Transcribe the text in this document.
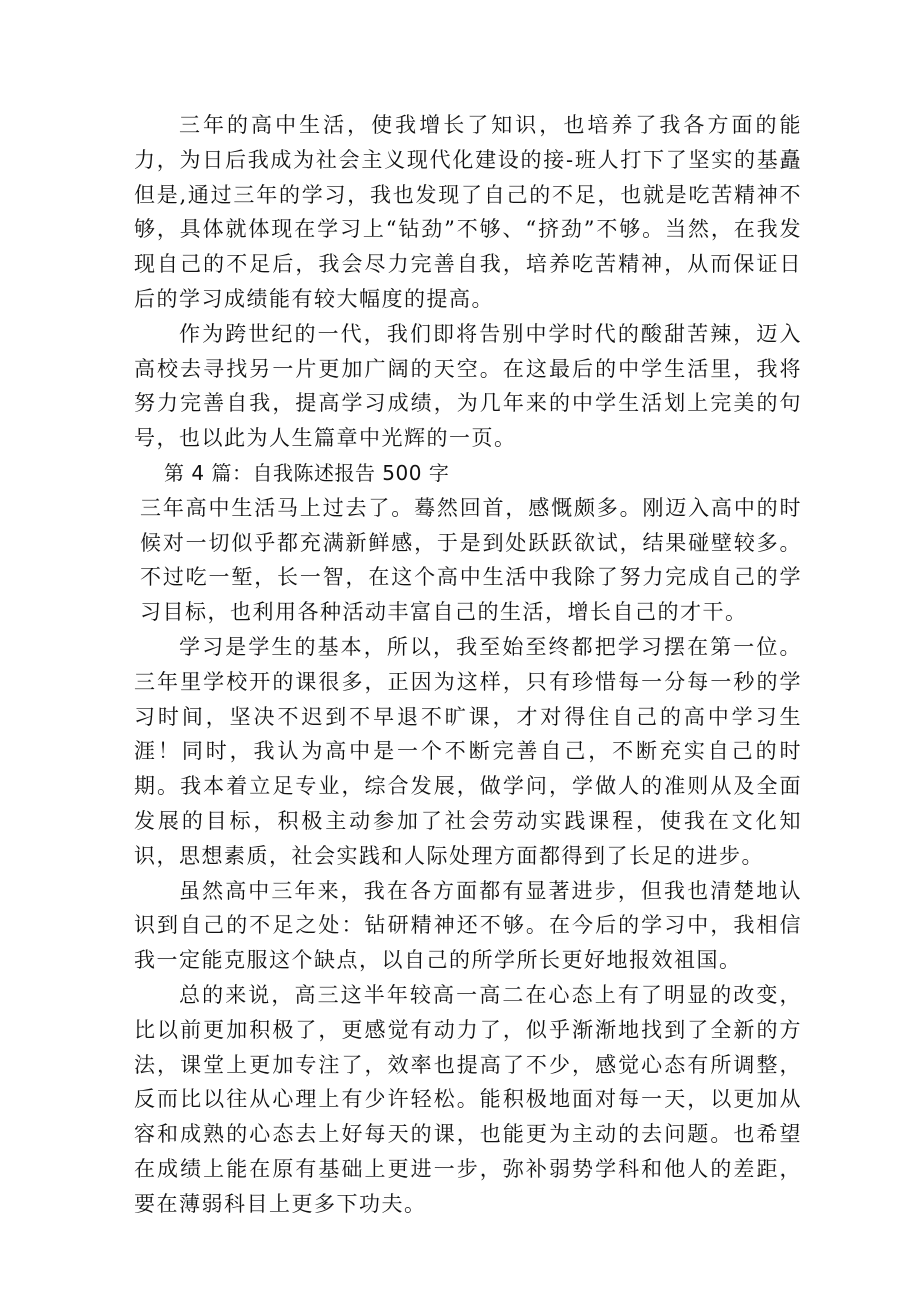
三年的高中生活，使我增长了知识，也培养了我各方面的能力，为日后我成为社会主义现代化建设的接-班人打下了坚实的基矗但是,通过三年的学习，我也发现了自己的不足，也就是吃苦精神不够，具体就体现在学习上“钻劲”不够、“挤劲”不够。当然，在我发现自己的不足后，我会尽力完善自我，培养吃苦精神，从而保证日后的学习成绩能有较大幅度的提高。

作为跨世纪的一代，我们即将告别中学时代的酸甜苦辣，迈入高校去寻找另一片更加广阔的天空。在这最后的中学生活里，我将努力完善自我，提高学习成绩，为几年来的中学生活划上完美的句号，也以此为人生篇章中光辉的一页。

第 4 篇：自我陈述报告 500 字

三年高中生活马上过去了。蓦然回首，感慨颇多。刚迈入高中的时候对一切似乎都充满新鲜感，于是到处跃跃欲试，结果碰壁较多。不过吃一堑，长一智，在这个高中生活中我除了努力完成自己的学习目标，也利用各种活动丰富自己的生活，增长自己的才干。

学习是学生的基本，所以，我至始至终都把学习摆在第一位。三年里学校开的课很多，正因为这样，只有珍惜每一分每一秒的学习时间，坚决不迟到不早退不旷课，才对得住自己的高中学习生涯！同时，我认为高中是一个不断完善自己，不断充实自己的时期。我本着立足专业，综合发展，做学问，学做人的准则从及全面发展的目标，积极主动参加了社会劳动实践课程，使我在文化知识，思想素质，社会实践和人际处理方面都得到了长足的进步。

虽然高中三年来，我在各方面都有显著进步，但我也清楚地认识到自己的不足之处：钻研精神还不够。在今后的学习中，我相信我一定能克服这个缺点，以自己的所学所长更好地报效祖国。

总的来说，高三这半年较高一高二在心态上有了明显的改变，比以前更加积极了，更感觉有动力了，似乎渐渐地找到了全新的方法，课堂上更加专注了，效率也提高了不少，感觉心态有所调整，反而比以往从心理上有少许轻松。能积极地面对每一天，以更加从容和成熟的心态去上好每天的课，也能更为主动的去问题。也希望在成绩上能在原有基础上更进一步，弥补弱势学科和他人的差距，要在薄弱科目上更多下功夫。
